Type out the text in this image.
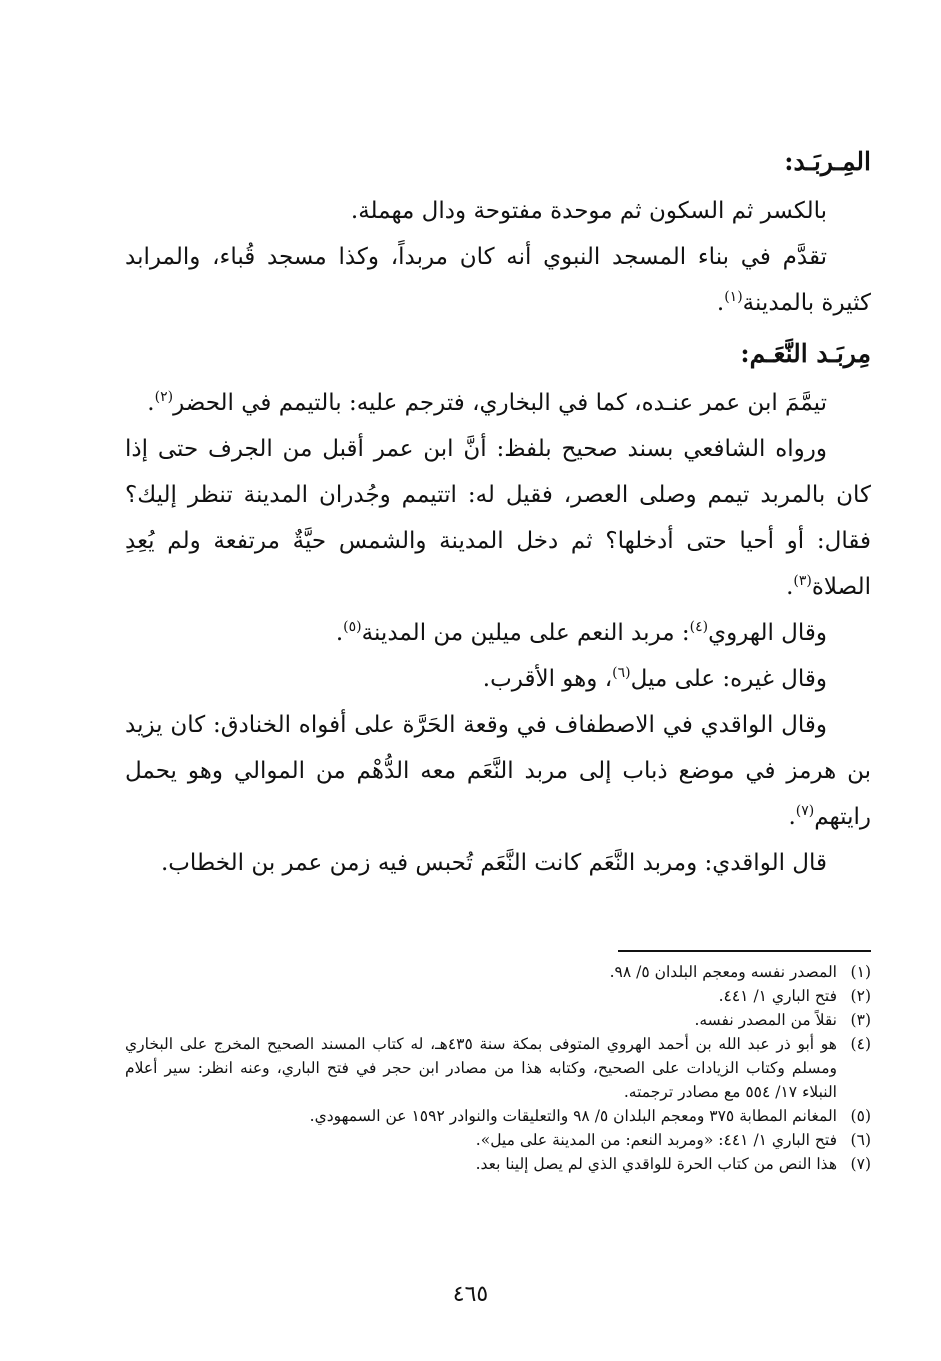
المِـربَـد:

بالكسر ثم السكون ثم موحدة مفتوحة ودال مهملة.

تقدَّم في بناء المسجد النبوي أنه كان مربداً، وكذا مسجد قُباء، والمرابد كثيرة بالمدينة$^{(١)}$.

مِربَـد النَّعَـم:

تيمَّمَ ابن عمر عنـده، كما في البخاري، فترجم عليه: بالتيمم في الحضر$^{(٢)}$.

ورواه الشافعي بسند صحيح بلفظ: أنَّ ابن عمر أقبل من الجرف حتى إذا كان بالمربد تيمم وصلى العصر، فقيل له: اتتيمم وجُدران المدينة تنظر إليك؟ فقال: أو أحيا حتى أدخلها؟ ثم دخل المدينة والشمس حيَّةٌ مرتفعة ولم يُعِدِ الصلاة$^{(٣)}$.

وقال الهروي$^{(٤)}$: مربد النعم على ميلين من المدينة$^{(٥)}$.

وقال غيره: على ميل$^{(٦)}$، وهو الأقرب.

وقال الواقدي في الاصطفاف في وقعة الحَرَّة على أفواه الخنادق: كان يزيد بن هرمز في موضع ذباب إلى مربد النَّعَم معه الدُّهْم من الموالي وهو يحمل رايتهم$^{(٧)}$.

قال الواقدي: ومربد النَّعَم كانت النَّعَم تُحبس فيه زمن عمر بن الخطاب.

(١)
المصدر نفسه ومعجم البلدان ٥/ ٩٨.
(٢)
فتح الباري ١/ ٤٤١.
(٣)
نقلاً من المصدر نفسه.
(٤)
هو أبو ذر عبد الله بن أحمد الهروي المتوفى بمكة سنة ٤٣٥هـ، له كتاب المسند الصحيح المخرج على البخاري ومسلم وكتاب الزيادات على الصحيح، وكتابه هذا من مصادر ابن حجر في فتح الباري، وعنه انظر: سير أعلام النبلاء ١٧/ ٥٥٤ مع مصادر ترجمته.
(٥)
المغانم المطابة ٣٧٥ ومعجم البلدان ٥/ ٩٨ والتعليقات والنوادر ١٥٩٢ عن السمهودي.
(٦)
فتح الباري ١/ ٤٤١: «ومربد النعم: من المدينة على ميل».
(٧)
هذا النص من كتاب الحرة للواقدي الذي لم يصل إلينا بعد.
٤٦٥
